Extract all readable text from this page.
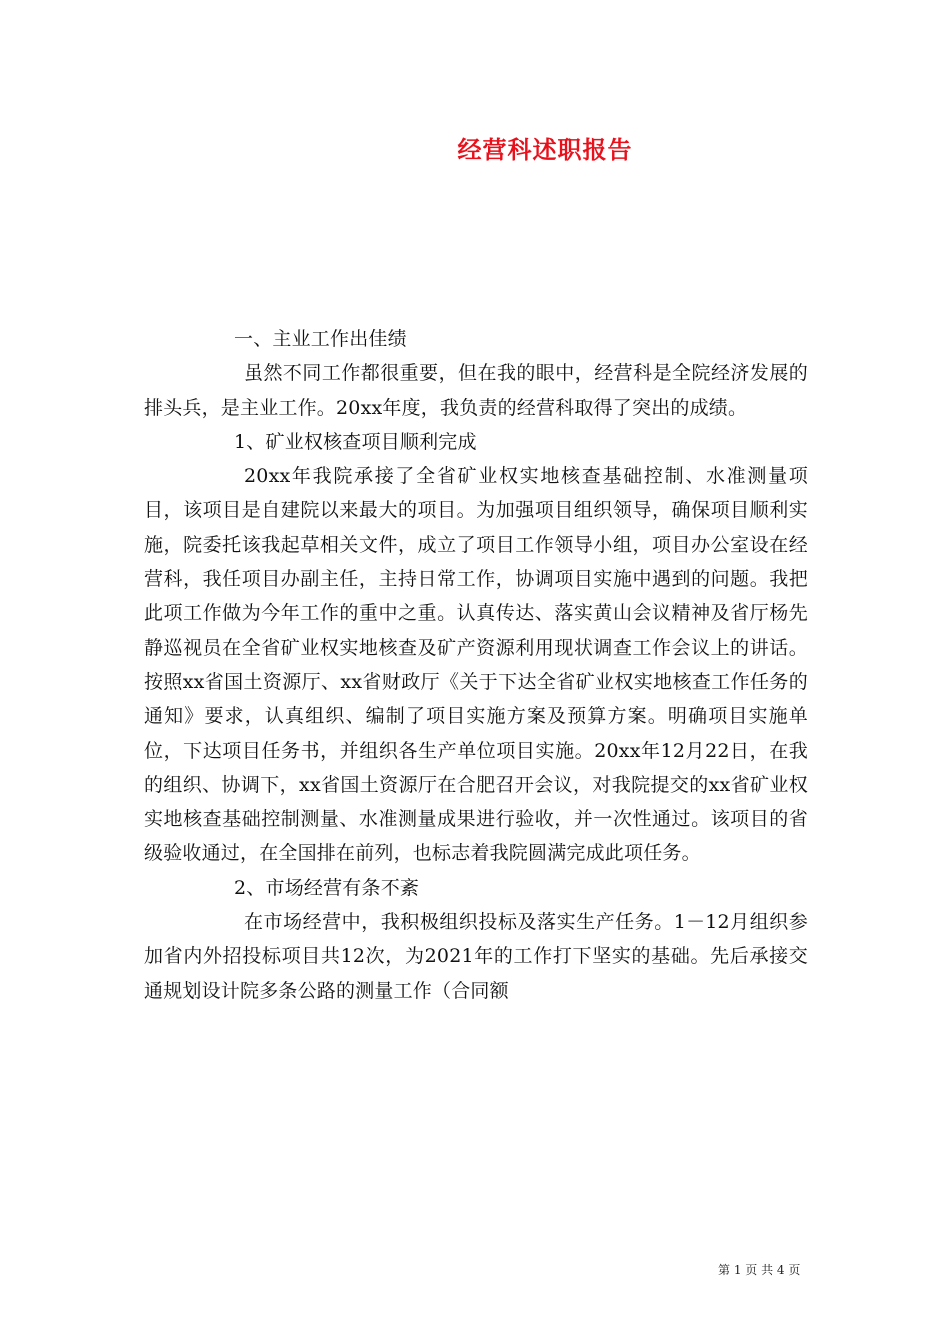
经营科述职报告

一、主业工作出佳绩

虽然不同工作都很重要，但在我的眼中，经营科是全院经济发展的排头兵，是主业工作。20xx年度，我负责的经营科取得了突出的成绩。

1、矿业权核查项目顺利完成

20xx年我院承接了全省矿业权实地核查基础控制、水准测量项目，该项目是自建院以来最大的项目。为加强项目组织领导，确保项目顺利实施，院委托该我起草相关文件，成立了项目工作领导小组，项目办公室设在经营科，我任项目办副主任，主持日常工作，协调项目实施中遇到的问题。我把此项工作做为今年工作的重中之重。认真传达、落实黄山会议精神及省厅杨先静巡视员在全省矿业权实地核查及矿产资源利用现状调查工作会议上的讲话。按照xx省国土资源厅、xx省财政厅《关于下达全省矿业权实地核查工作任务的通知》要求，认真组织、编制了项目实施方案及预算方案。明确项目实施单位，下达项目任务书，并组织各生产单位项目实施。20xx年12月22日，在我的组织、协调下，xx省国土资源厅在合肥召开会议，对我院提交的xx省矿业权实地核查基础控制测量、水准测量成果进行验收，并一次性通过。该项目的省级验收通过，在全国排在前列，也标志着我院圆满完成此项任务。

2、市场经营有条不紊

在市场经营中，我积极组织投标及落实生产任务。1－12月组织参加省内外招投标项目共12次，为2021年的工作打下坚实的基础。先后承接交通规划设计院多条公路的测量工作（合同额

第 1 页 共 4 页
